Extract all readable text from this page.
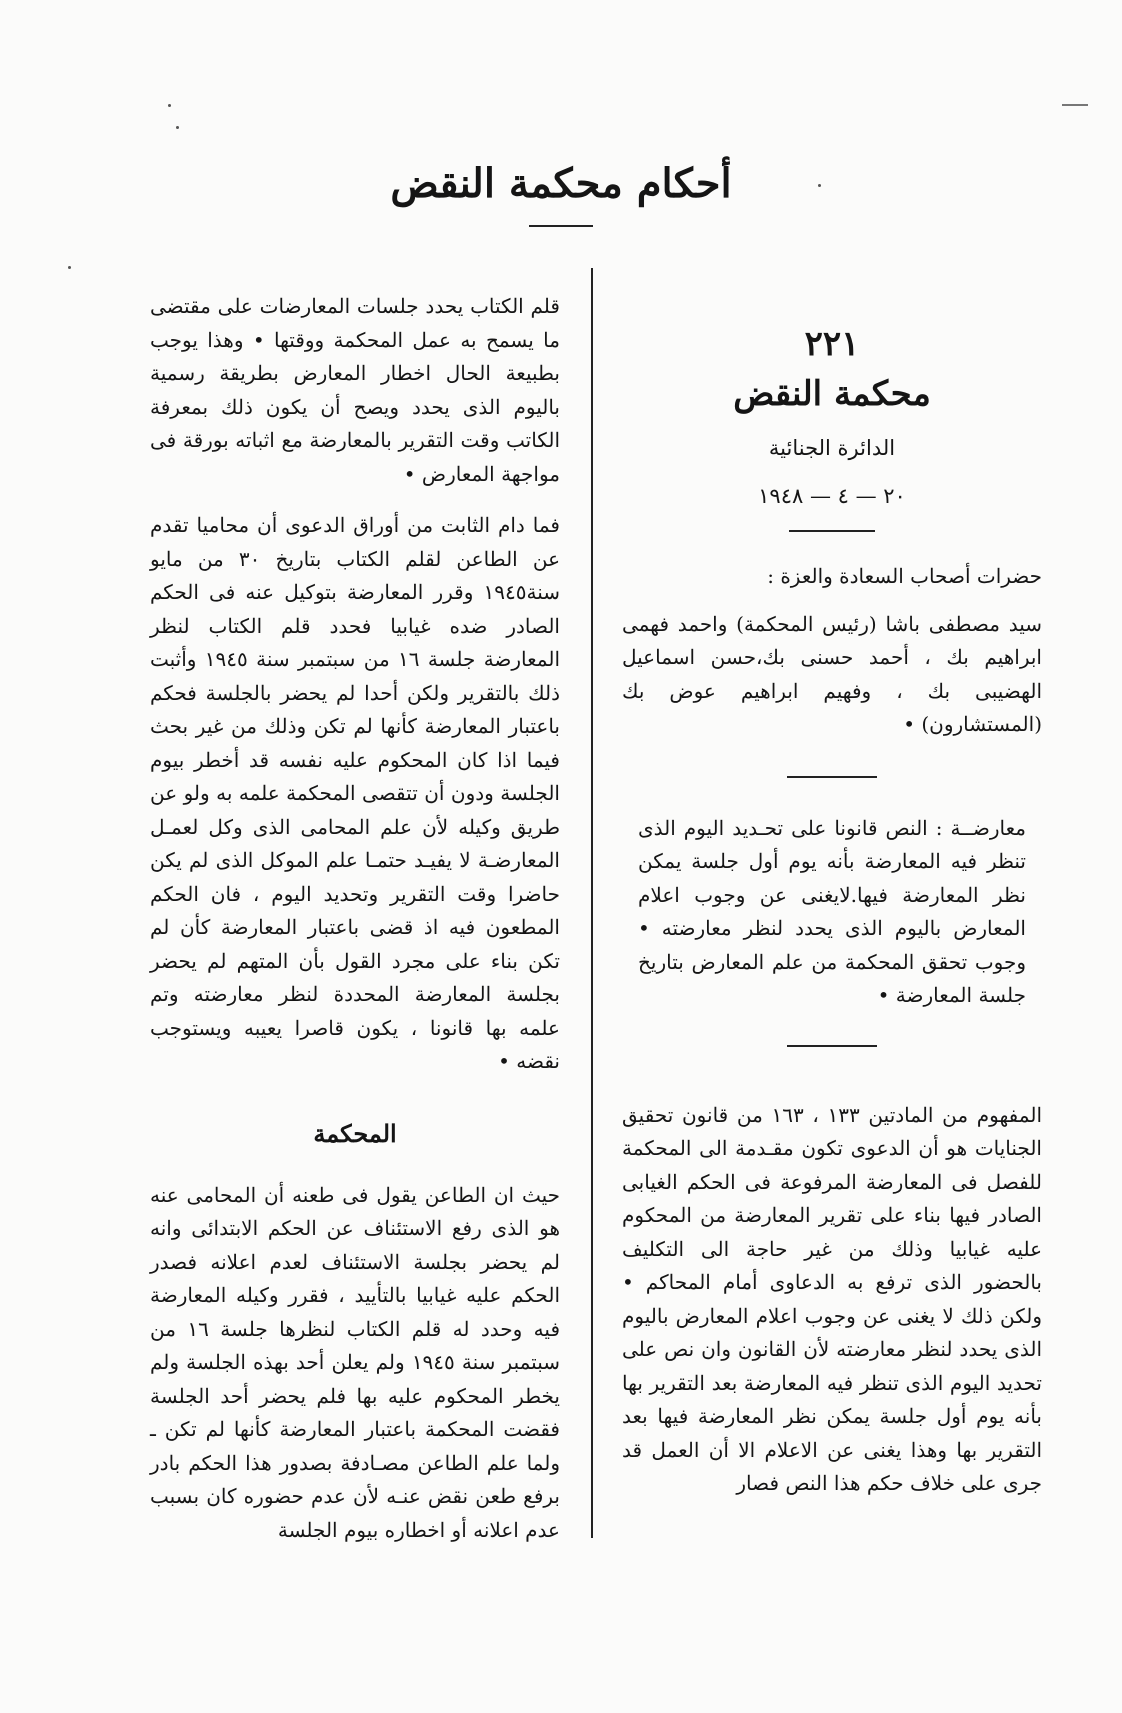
أحكام محكمة النقض
٢٢١
محكمة النقض
الدائرة الجنائية
٢٠ — ٤ — ١٩٤٨

حضرات أصحاب السعادة والعزة :

سيد مصطفى باشا (رئيس المحكمة) واحمد فهمى ابراهيم بك ، أحمد حسنى بك،حسن اسماعيل الهضيبى بك ، وفهيم ابراهيم عوض بك (المستشارون) •

معارضــة : النص قانونا على تحـديد اليوم الذى تنظر فيه المعارضة بأنه يوم أول جلسة يمكن نظر المعارضة فيها.لايغنى عن وجوب اعلام المعارض باليوم الذى يحدد لنظر معارضته • وجوب تحقق المحكمة من علم المعارض بتاريخ جلسة المعارضة •

المفهوم من المادتين ١٣٣ ، ١٦٣ من قانون تحقيق الجنايات هو أن الدعوى تكون مقـدمة الى المحكمة للفصل فى المعارضة المرفوعة فى الحكم الغيابى الصادر فيها بناء على تقرير المعارضة من المحكوم عليه غيابيا وذلك من غير حاجة الى التكليف بالحضور الذى ترفع به الدعاوى أمام المحاكم • ولكن ذلك لا يغنى عن وجوب اعلام المعارض باليوم الذى يحدد لنظر معارضته لأن القانون وان نص على تحديد اليوم الذى تنظر فيه المعارضة بعد التقرير بها بأنه يوم أول جلسة يمكن نظر المعارضة فيها بعد التقرير بها وهذا يغنى عن الاعلام الا أن العمل قد جرى على خلاف حكم هذا النص فصار

قلم الكتاب يحدد جلسات المعارضات على مقتضى ما يسمح به عمل المحكمة ووقتها • وهذا يوجب بطبيعة الحال اخطار المعارض بطريقة رسمية باليوم الذى يحدد ويصح أن يكون ذلك بمعرفة الكاتب وقت التقرير بالمعارضة مع اثباته بورقة فى مواجهة المعارض •

فما دام الثابت من أوراق الدعوى أن محاميا تقدم عن الطاعن لقلم الكتاب بتاريخ ٣٠ من مايو سنة١٩٤٥ وقرر المعارضة بتوكيل عنه فى الحكم الصادر ضده غيابيا فحدد قلم الكتاب لنظر المعارضة جلسة ١٦ من سبتمبر سنة ١٩٤٥ وأثبت ذلك بالتقرير ولكن أحدا لم يحضر بالجلسة فحكم باعتبار المعارضة كأنها لم تكن وذلك من غير بحث فيما اذا كان المحكوم عليه نفسه قد أخطر بيوم الجلسة ودون أن تتقصى المحكمة علمه به ولو عن طريق وكيله لأن علم المحامى الذى وكل لعمـل المعارضـة لا يفيـد حتمـا علم الموكل الذى لم يكن حاضرا وقت التقرير وتحديد اليوم ، فان الحكم المطعون فيه اذ قضى باعتبار المعارضة كأن لم تكن بناء على مجرد القول بأن المتهم لم يحضر بجلسة المعارضة المحددة لنظر معارضته وتم علمه بها قانونا ، يكون قاصرا يعيبه ويستوجب نقضه •

المحكمة

حيث ان الطاعن يقول فى طعنه أن المحامى عنه هو الذى رفع الاستئناف عن الحكم الابتدائى وانه لم يحضر بجلسة الاستئناف لعدم اعلانه فصدر الحكم عليه غيابيا بالتأييد ، فقرر وكيله المعارضة فيه وحدد له قلم الكتاب لنظرها جلسة ١٦ من سبتمبر سنة ١٩٤٥ ولم يعلن أحد بهذه الجلسة ولم يخطر المحكوم عليه بها فلم يحضر أحد الجلسة فقضت المحكمة باعتبار المعارضة كأنها لم تكن ـ ولما علم الطاعن مصـادفة بصدور هذا الحكم بادر برفع طعن نقض عنـه لأن عدم حضوره كان بسبب عدم اعلانه أو اخطاره بيوم الجلسة
